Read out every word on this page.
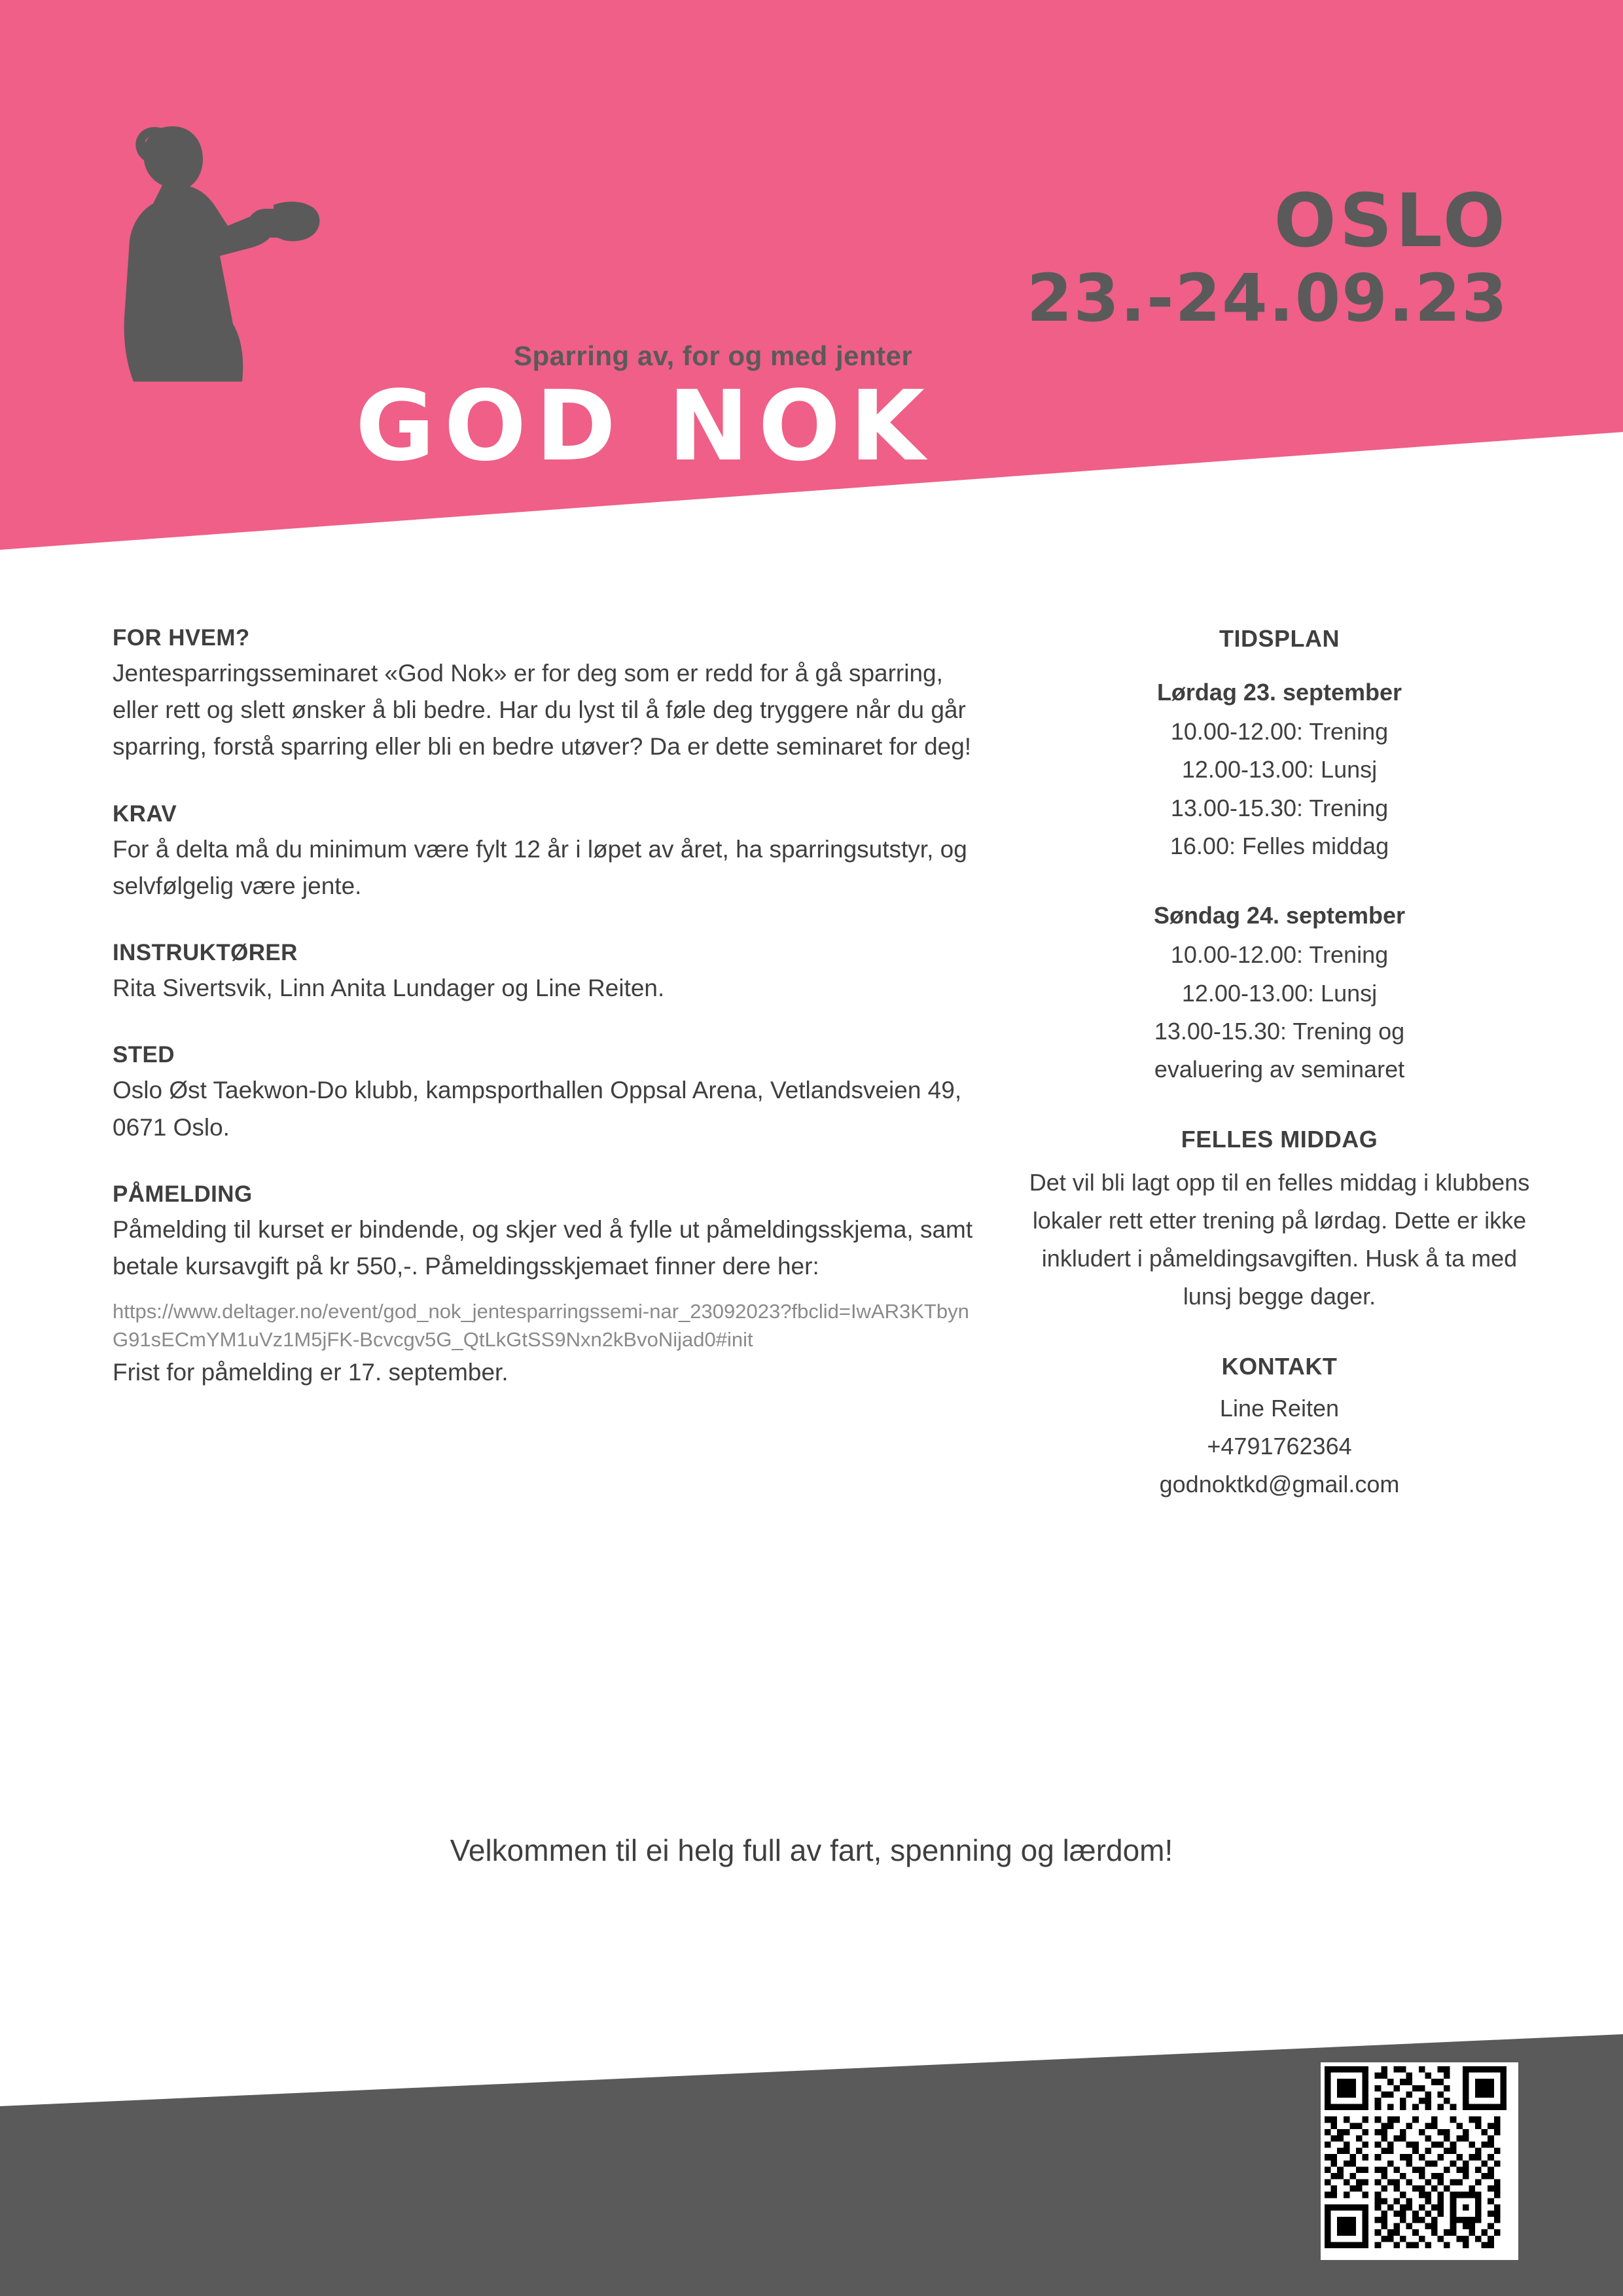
Sparring av, for og med jenter
GOD NOK
OSLO
23.-24.09.23
FOR HVEM?

Jentesparringsseminaret «God Nok» er for deg som er redd for å gå sparring, eller rett og slett ønsker å bli bedre. Har du lyst til å føle deg tryggere når du går sparring, forstå sparring eller bli en bedre utøver? Da er dette seminaret for deg!

KRAV

For å delta må du minimum være fylt 12 år i løpet av året, ha sparringsutstyr, og selvfølgelig være jente.

INSTRUKTØRER

Rita Sivertsvik, Linn Anita Lundager og Line Reiten.

STED

Oslo Øst Taekwon-Do klubb, kampsporthallen Oppsal Arena, Vetlandsveien 49, 0671 Oslo.

PÅMELDING

Påmelding til kurset er bindende, og skjer ved å fylle ut påmeldingsskjema, samt betale kursavgift på kr 550,-. Påmeldingsskjemaet finner dere her:

https://www.deltager.no/event/god_nok_jentesparringssemi-nar_23092023?fbclid=IwAR3KTbynG91sECmYM1uVz1M5jFK-Bcvcgv5G_QtLkGtSS9Nxn2kBvoNijad0#init

Frist for påmelding er 17. september.

TIDSPLAN
Lørdag 23. september

10.00-12.00: Trening

12.00-13.00: Lunsj

13.00-15.30: Trening

16.00: Felles middag

Søndag 24. september

10.00-12.00: Trening

12.00-13.00: Lunsj

13.00-15.30: Trening og

evaluering av seminaret

FELLES MIDDAG

Det vil bli lagt opp til en felles middag i klubbens lokaler rett etter trening på lørdag. Dette er ikke inkludert i påmeldingsavgiften. Husk å ta med lunsj begge dager.

KONTAKT

Line Reiten

+4791762364

godnoktkd@gmail.com

Velkommen til ei helg full av fart, spenning og lærdom!
